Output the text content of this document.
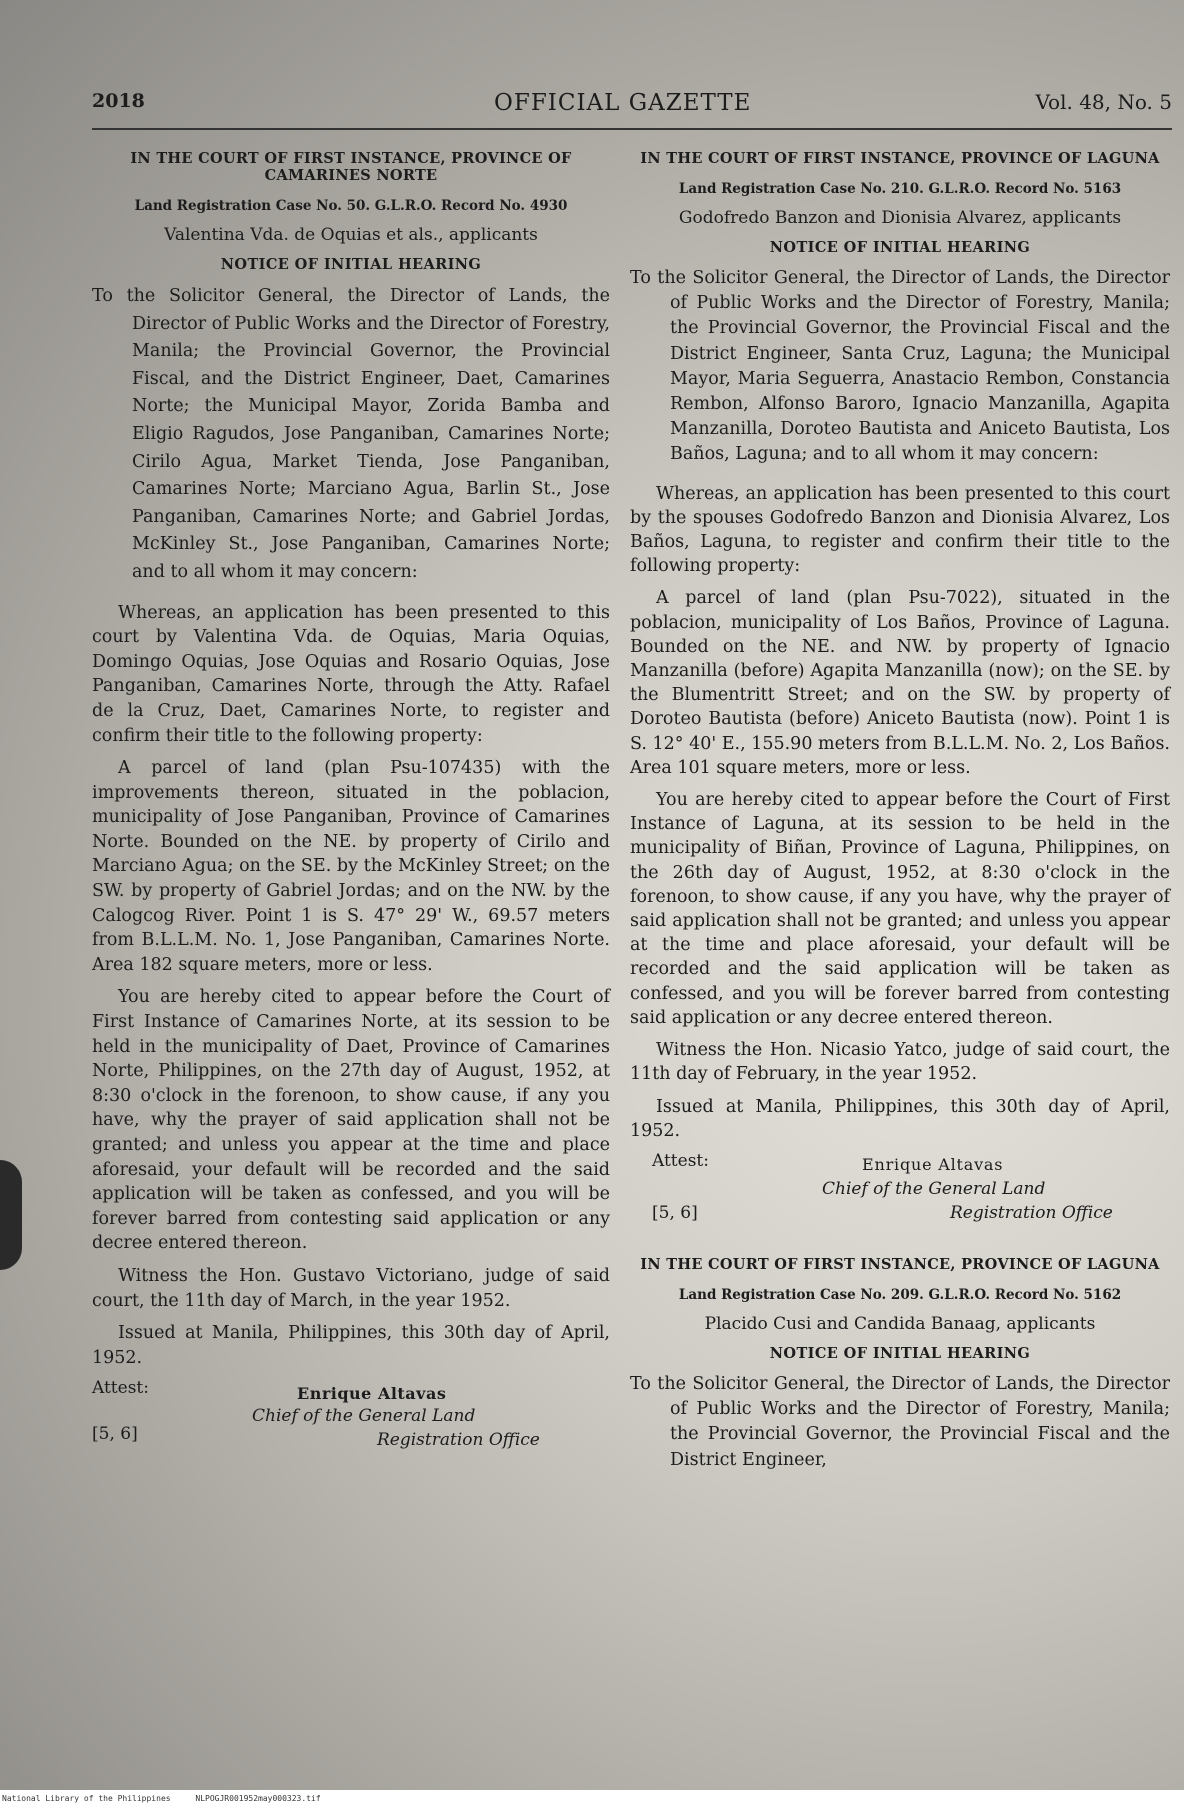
2018	OFFICIAL GAZETTE	Vol. 48, No. 5

IN THE COURT OF FIRST INSTANCE, PROVINCE OF CAMARINES NORTE

Land Registration Case No. 50. G.L.R.O. Record No. 4930

Valentina Vda. de Oquias et als., applicants

NOTICE OF INITIAL HEARING

To the Solicitor General, the Director of Lands, the Director of Public Works and the Director of Forestry, Manila; the Provincial Governor, the Provincial Fiscal, and the District Engineer, Daet, Camarines Norte; the Municipal Mayor, Zorida Bamba and Eligio Ragudos, Jose Panganiban, Camarines Norte; Cirilo Agua, Market Tienda, Jose Panganiban, Camarines Norte; Marciano Agua, Barlin St., Jose Panganiban, Camarines Norte; and Gabriel Jordas, McKinley St., Jose Panganiban, Camarines Norte; and to all whom it may concern:

Whereas, an application has been presented to this court by Valentina Vda. de Oquias, Maria Oquias, Domingo Oquias, Jose Oquias and Rosario Oquias, Jose Panganiban, Camarines Norte, through the Atty. Rafael de la Cruz, Daet, Camarines Norte, to register and confirm their title to the following property:

A parcel of land (plan Psu-107435) with the improvements thereon, situated in the poblacion, municipality of Jose Panganiban, Province of Camarines Norte. Bounded on the NE. by property of Cirilo and Marciano Agua; on the SE. by the McKinley Street; on the SW. by property of Gabriel Jordas; and on the NW. by the Calogcog River. Point 1 is S. 47° 29' W., 69.57 meters from B.L.L.M. No. 1, Jose Panganiban, Camarines Norte. Area 182 square meters, more or less.

You are hereby cited to appear before the Court of First Instance of Camarines Norte, at its session to be held in the municipality of Daet, Province of Camarines Norte, Philippines, on the 27th day of August, 1952, at 8:30 o'clock in the forenoon, to show cause, if any you have, why the prayer of said application shall not be granted; and unless you appear at the time and place aforesaid, your default will be recorded and the said application will be taken as confessed, and you will be forever barred from contesting said application or any decree entered thereon.

Witness the Hon. Gustavo Victoriano, judge of said court, the 11th day of March, in the year 1952.

Issued at Manila, Philippines, this 30th day of April, 1952.

Attest:	Enrique Altavas
Chief of the General Land
Registration Office
[5, 6]

IN THE COURT OF FIRST INSTANCE, PROVINCE OF LAGUNA

Land Registration Case No. 210. G.L.R.O. Record No. 5163

Godofredo Banzon and Dionisia Alvarez, applicants

NOTICE OF INITIAL HEARING

To the Solicitor General, the Director of Lands, the Director of Public Works and the Director of Forestry, Manila; the Provincial Governor, the Provincial Fiscal and the District Engineer, Santa Cruz, Laguna; the Municipal Mayor, Maria Seguerra, Anastacio Rembon, Constancia Rembon, Alfonso Baroro, Ignacio Manzanilla, Agapita Manzanilla, Doroteo Bautista and Aniceto Bautista, Los Baños, Laguna; and to all whom it may concern:

Whereas, an application has been presented to this court by the spouses Godofredo Banzon and Dionisia Alvarez, Los Baños, Laguna, to register and confirm their title to the following property:

A parcel of land (plan Psu-7022), situated in the poblacion, municipality of Los Baños, Province of Laguna. Bounded on the NE. and NW. by property of Ignacio Manzanilla (before) Agapita Manzanilla (now); on the SE. by the Blumentritt Street; and on the SW. by property of Doroteo Bautista (before) Aniceto Bautista (now). Point 1 is S. 12° 40' E., 155.90 meters from B.L.L.M. No. 2, Los Baños. Area 101 square meters, more or less.

You are hereby cited to appear before the Court of First Instance of Laguna, at its session to be held in the municipality of Biñan, Province of Laguna, Philippines, on the 26th day of August, 1952, at 8:30 o'clock in the forenoon, to show cause, if any you have, why the prayer of said application shall not be granted; and unless you appear at the time and place aforesaid, your default will be recorded and the said application will be taken as confessed, and you will be forever barred from contesting said application or any decree entered thereon.

Witness the Hon. Nicasio Yatco, judge of said court, the 11th day of February, in the year 1952.

Issued at Manila, Philippines, this 30th day of April, 1952.

Attest:	Enrique Altavas
Chief of the General Land
Registration Office
[5, 6]

IN THE COURT OF FIRST INSTANCE, PROVINCE OF LAGUNA

Land Registration Case No. 209. G.L.R.O. Record No. 5162

Placido Cusi and Candida Banaag, applicants

NOTICE OF INITIAL HEARING

To the Solicitor General, the Director of Lands, the Director of Public Works and the Director of Forestry, Manila; the Provincial Governor, the Provincial Fiscal and the District Engineer,

National Library of the Philippines	NLPOGJR001952may000323.tif
